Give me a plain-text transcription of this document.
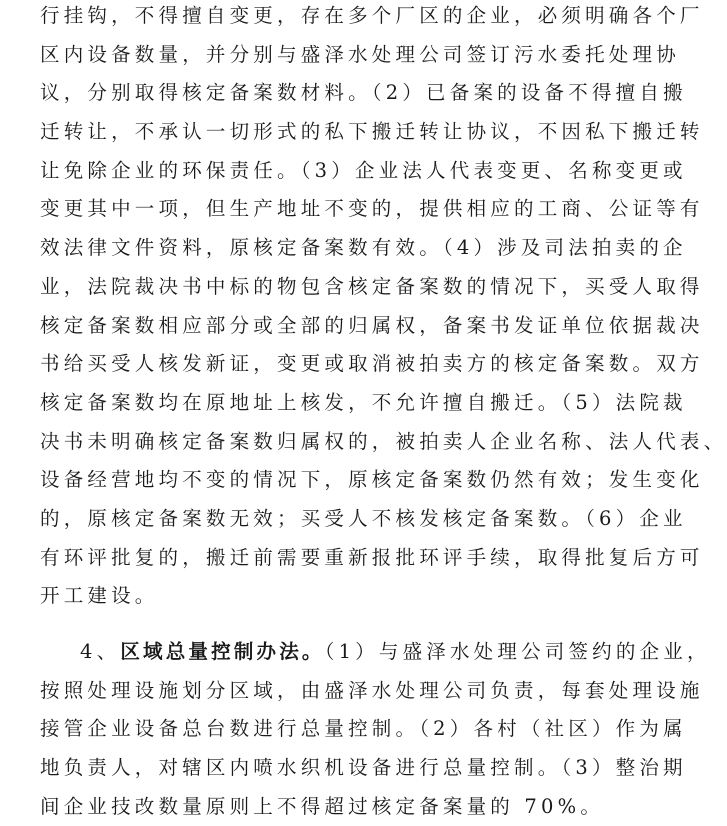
行挂钩，不得擅自变更，存在多个厂区的企业，必须明确各个厂
区内设备数量，并分别与盛泽水处理公司签订污水委托处理协
议，分别取得核定备案数材料。（2）已备案的设备不得擅自搬
迁转让，不承认一切形式的私下搬迁转让协议，不因私下搬迁转
让免除企业的环保责任。（3）企业法人代表变更、名称变更或
变更其中一项，但生产地址不变的，提供相应的工商、公证等有
效法律文件资料，原核定备案数有效。（4）涉及司法拍卖的企
业，法院裁决书中标的物包含核定备案数的情况下，买受人取得
核定备案数相应部分或全部的归属权，备案书发证单位依据裁决
书给买受人核发新证，变更或取消被拍卖方的核定备案数。双方
核定备案数均在原地址上核发，不允许擅自搬迁。（5）法院裁
决书未明确核定备案数归属权的，被拍卖人企业名称、法人代表、
设备经营地均不变的情况下，原核定备案数仍然有效；发生变化
的，原核定备案数无效；买受人不核发核定备案数。（6）企业
有环评批复的，搬迁前需要重新报批环评手续，取得批复后方可
开工建设。
4、区域总量控制办法。（1）与盛泽水处理公司签约的企业，
按照处理设施划分区域，由盛泽水处理公司负责，每套处理设施
接管企业设备总台数进行总量控制。（2）各村（社区）作为属
地负责人，对辖区内喷水织机设备进行总量控制。（3）整治期
间企业技改数量原则上不得超过核定备案量的 70%。
